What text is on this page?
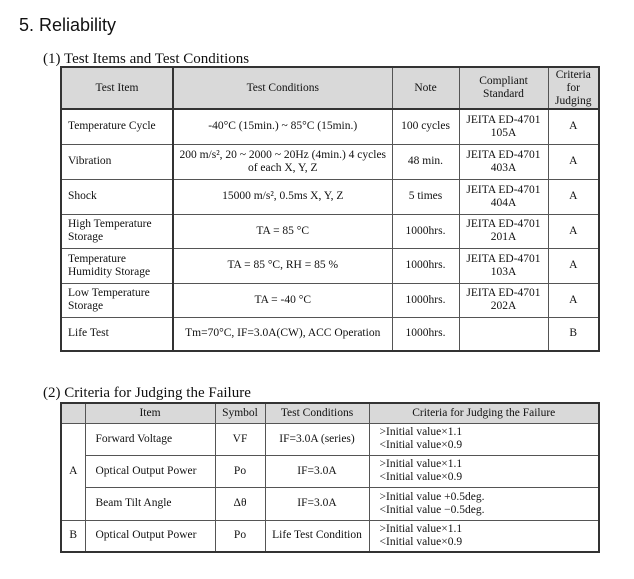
5. Reliability
(1) Test Items and Test Conditions
Test Item	Test Conditions	Note	Compliant Standard	Criteria for Judging
Temperature Cycle	-40°C (15min.) ~ 85°C (15min.)	100 cycles	JEITA ED-4701 105A	A
Vibration	200 m/s², 20 ~ 2000 ~ 20Hz (4min.) 4 cycles of each X, Y, Z	48 min.	JEITA ED-4701 403A	A
Shock	15000 m/s², 0.5ms X, Y, Z	5 times	JEITA ED-4701 404A	A
High Temperature Storage	TA = 85 °C	1000hrs.	JEITA ED-4701 201A	A
Temperature Humidity Storage	TA = 85 °C, RH = 85 %	1000hrs.	JEITA ED-4701 103A	A
Low Temperature Storage	TA = -40 °C	1000hrs.	JEITA ED-4701 202A	A
Life Test	Tm=70°C, IF=3.0A(CW), ACC Operation	1000hrs.		B
(2) Criteria for Judging the Failure
	Item	Symbol	Test Conditions	Criteria for Judging the Failure
A	Forward Voltage	VF	IF=3.0A (series)	>Initial value×1.1
<Initial value×0.9

	Optical Output Power	Po	IF=3.0A	>Initial value×1.1
<Initial value×0.9

	Beam Tilt Angle	Δθ	IF=3.0A	>Initial value +0.5deg.
<Initial value −0.5deg.

B	Optical Output Power	Po	Life Test Condition	>Initial value×1.1
<Initial value×0.9
